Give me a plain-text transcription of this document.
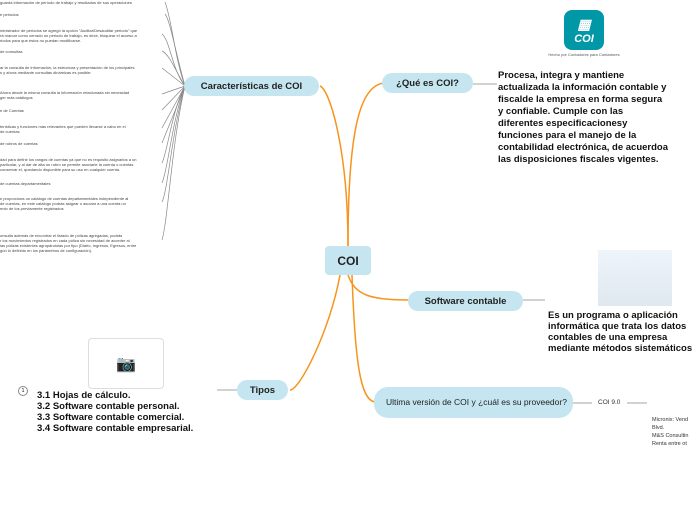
COI
Características de COI	¿Qué es COI?
Software contable
Tipos
Ultima versión de COI y ¿cuál es su proveedor?
▦
COI
Hecho por Contadores para Contadores
Procesa, integra y mantiene actualizada la información contable y fiscalde la empresa en forma segura y confiable. Cumple con las diferentes especificacionesy funciones para el manejo de la contabilidad electrónica, de acuerdoa las disposiciones fiscales vigentes.
Es un programa o aplicación informática que trata los datos contables de una empresa mediante métodos sistemáticos
📷
1	3.1 Hojas de cálculo.
3.2 Software contable personal.
3.3 Software contable comercial.
3.4 Software contable empresarial.
COI 9.0
Micronix: Vend
Blvd.
M&S Consultin
Renta entre ot
guarda información de período de trabajo y resultados de sus operaciones
e periodos
ministrador de periodos se agregó la opción "Auditar/Desauditar periodo" que
rá marcar como cerrado un periodo de trabajo, es decir, bloquear el acceso a
riodos para que éstos no puedan modificarse.
de consultas
ar la consulta de información, la estructura y presentación de los principales
s y ahora mediante consultas dinámicas es posible:
Ahora desde la misma consulta la información relacionada sin necesidad
ger más catálogos
e de Cuentas
terísticas y funciones más relevantes que pueden llevarse a cabo en el
de cuentas
de rubros de cuentas
dad para definir los rangos de cuentas ya que no es requisito asignarlos a un
particular, y al dar de alta un rubro se permite asociarle la cuenta o cuentas
conservar el, quedando disponible para su uso en cualquier cuenta.
de cuentas departamentales
e proporciona un catálogo de cuentas departamentales independiente al
de cuentas, en este catálogo podrás asignar o asociar a una cuenta un
ento de los previamente registrados
onsulta además de encontrar el listado de pólizas agregadas, podrás
r los movimientos registrados en cada póliza sin necesidad de acceder al
las pólizas existentes agrupándolas por tipo (Diario, Ingresos, Egresos, entre
gún lo definido en los parámetros de configuración).
